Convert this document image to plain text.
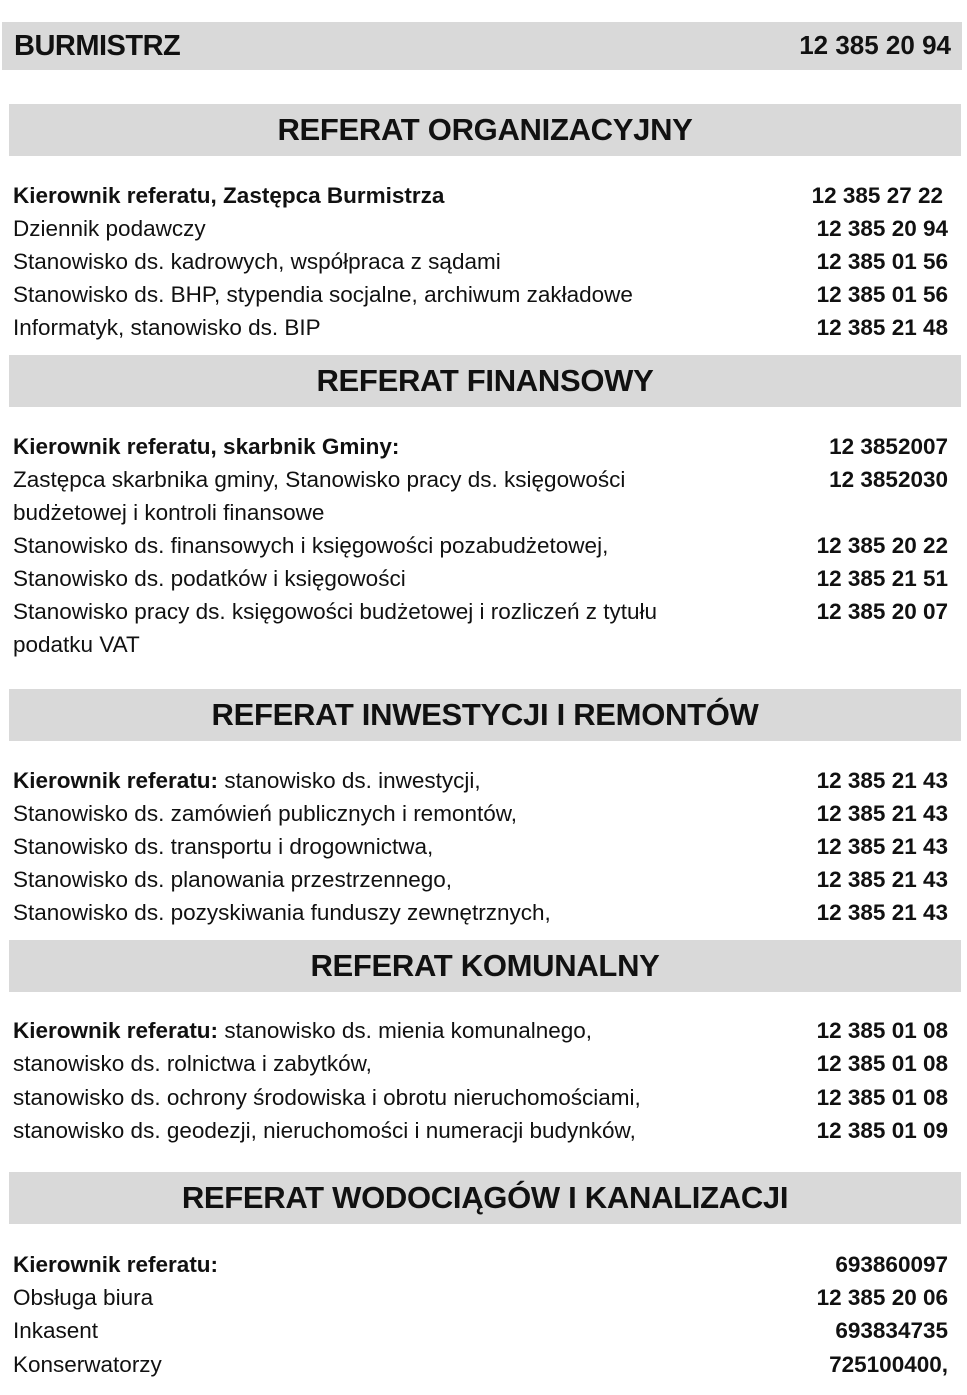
BURMISTRZ	12 385 20 94
REFERAT ORGANIZACYJNY
Kierownik referatu, Zastępca Burmistrza	12 385 27 22
Dziennik podawczy	12 385 20 94
Stanowisko ds. kadrowych, współpraca z sądami	12 385 01 56
Stanowisko ds. BHP, stypendia socjalne, archiwum zakładowe	12 385 01 56
Informatyk, stanowisko ds. BIP	12 385 21 48
REFERAT FINANSOWY
Kierownik referatu, skarbnik Gminy:	12 3852007
Zastępca skarbnika gminy, Stanowisko pracy ds. księgowości	12 3852030
budżetowej i kontroli finansowe
Stanowisko ds. finansowych i księgowości pozabudżetowej,	12 385 20 22
Stanowisko ds. podatków i księgowości	12 385 21 51
Stanowisko pracy ds. księgowości budżetowej i rozliczeń z tytułu	12 385 20 07
podatku VAT
REFERAT INWESTYCJI I REMONTÓW
Kierownik referatu: stanowisko ds. inwestycji,	12 385 21 43
Stanowisko ds. zamówień publicznych i remontów,	12 385 21 43
Stanowisko ds. transportu i drogownictwa,	12 385 21 43
Stanowisko ds. planowania przestrzennego,	12 385 21 43
Stanowisko ds. pozyskiwania funduszy zewnętrznych,	12 385 21 43
REFERAT KOMUNALNY
Kierownik referatu: stanowisko ds. mienia komunalnego,	12 385 01 08
stanowisko ds. rolnictwa i zabytków,	12 385 01 08
stanowisko ds. ochrony środowiska i obrotu nieruchomościami,	12 385 01 08
stanowisko ds. geodezji, nieruchomości i numeracji budynków,	12 385 01 09
REFERAT WODOCIĄGÓW I KANALIZACJI
Kierownik referatu:	693860097
Obsługa biura	12 385 20 06
Inkasent	693834735
Konserwatorzy	725100400,
